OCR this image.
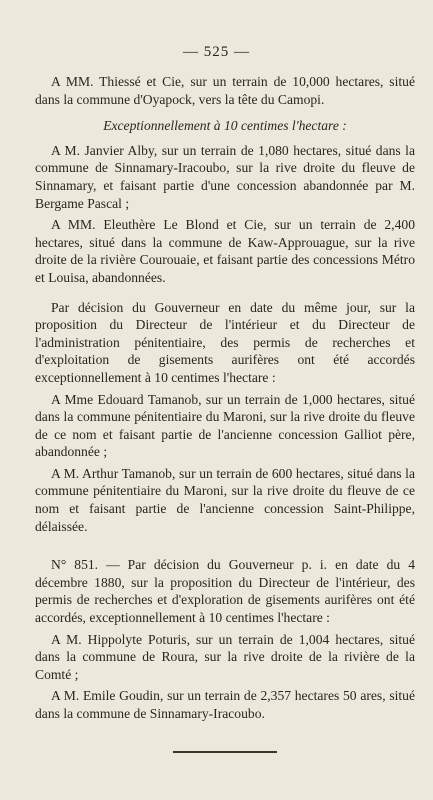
— 525 —

A MM. Thiessé et Cie, sur un terrain de 10,000 hectares, situé dans la commune d'Oyapock, vers la tête du Camopi.

Exceptionnellement à 10 centimes l'hectare :

A M. Janvier Alby, sur un terrain de 1,080 hectares, situé dans la commune de Sinnamary-Iracoubo, sur la rive droite du fleuve de Sinnamary, et faisant partie d'une concession abandonnée par M. Bergame Pascal ;

A MM. Eleuthère Le Blond et Cie, sur un terrain de 2,400 hectares, situé dans la commune de Kaw-Approuague, sur la rive droite de la rivière Courouaie, et faisant partie des concessions Métro et Louisa, abandonnées.

Par décision du Gouverneur en date du même jour, sur la proposition du Directeur de l'intérieur et du Directeur de l'administration pénitentiaire, des permis de recherches et d'exploitation de gisements aurifères ont été accordés exceptionnellement à 10 centimes l'hectare :

A Mme Edouard Tamanob, sur un terrain de 1,000 hectares, situé dans la commune pénitentiaire du Maroni, sur la rive droite du fleuve de ce nom et faisant partie de l'ancienne concession Galliot père, abandonnée ;

A M. Arthur Tamanob, sur un terrain de 600 hectares, situé dans la commune pénitentiaire du Maroni, sur la rive droite du fleuve de ce nom et faisant partie de l'ancienne concession Saint-Philippe, délaissée.

N° 851. — Par décision du Gouverneur p. i. en date du 4 décembre 1880, sur la proposition du Directeur de l'intérieur, des permis de recherches et d'exploration de gisements aurifères ont été accordés, exceptionnellement à 10 centimes l'hectare :

A M. Hippolyte Poturis, sur un terrain de 1,004 hectares, situé dans la commune de Roura, sur la rive droite de la rivière de la Comté ;

A M. Emile Goudin, sur un terrain de 2,357 hectares 50 ares, situé dans la commune de Sinnamary-Iracoubo.
